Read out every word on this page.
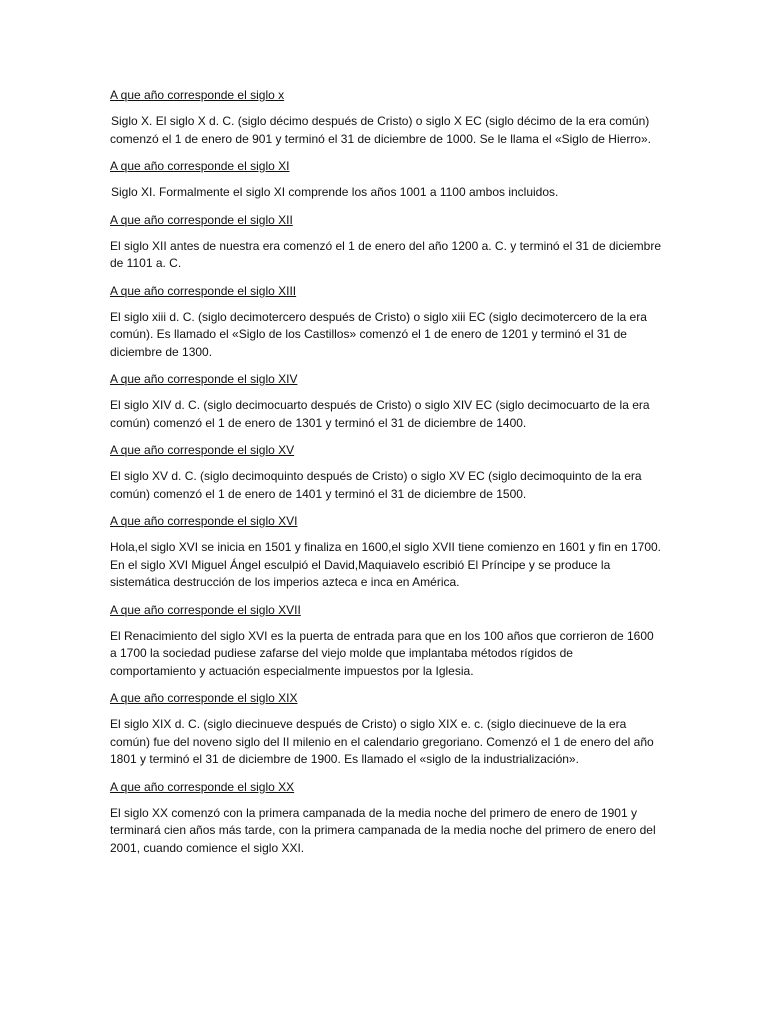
A que año corresponde el siglo x

Siglo X. El siglo X d. C. (siglo décimo después de Cristo) o siglo X EC (siglo décimo de la era común) comenzó el 1 de enero de 901 y terminó el 31 de diciembre de 1000. Se le llama el «Siglo de Hierro».

A que año corresponde el siglo XI

Siglo XI. Formalmente el siglo XI comprende los años 1001 a 1100 ambos incluidos.

A que año corresponde el siglo XII

El siglo XII antes de nuestra era comenzó el 1 de enero del año 1200 a. C. y terminó el 31 de diciembre de 1101 a. C.

A que año corresponde el siglo XIII

El siglo xiii d. C. (siglo decimotercero después de Cristo) o siglo xiii EC (siglo decimotercero de la era común). Es llamado el «Siglo de los Castillos» comenzó el 1 de enero de 1201 y terminó el 31 de diciembre de 1300.

A que año corresponde el siglo XIV

El siglo XIV d. C. (siglo decimocuarto después de Cristo) o siglo XIV EC (siglo decimocuarto de la era común) comenzó el 1 de enero de 1301 y terminó el 31 de diciembre de 1400.

A que año corresponde el siglo XV

El siglo XV d. C. (siglo decimoquinto después de Cristo) o siglo XV EC (siglo decimoquinto de la era común) comenzó el 1 de enero de 1401 y terminó el 31 de diciembre de 1500.

A que año corresponde el siglo XVI

Hola,el siglo XVI se inicia en 1501 y finaliza en 1600,el siglo XVII tiene comienzo en 1601 y fin en 1700. En el siglo XVI Miguel Ángel esculpió el David,Maquiavelo escribió El Príncipe y se produce la sistemática destrucción de los imperios azteca e inca en América.

A que año corresponde el siglo XVII

El Renacimiento del siglo XVI es la puerta de entrada para que en los 100 años que corrieron de 1600 a 1700 la sociedad pudiese zafarse del viejo molde que implantaba métodos rígidos de comportamiento y actuación especialmente impuestos por la Iglesia.

A que año corresponde el siglo XIX

El siglo XIX d. C. (siglo diecinueve después de Cristo) o siglo XIX e. c. (siglo diecinueve de la era común) fue del noveno siglo del II milenio en el calendario gregoriano. Comenzó el 1 de enero del año 1801 y terminó el 31 de diciembre de 1900. Es llamado el «siglo de la industrialización».

A que año corresponde el siglo XX

El siglo XX comenzó con la primera campanada de la media noche del primero de enero de 1901 y terminará cien años más tarde, con la primera campanada de la media noche del primero de enero del 2001, cuando comience el siglo XXI.
